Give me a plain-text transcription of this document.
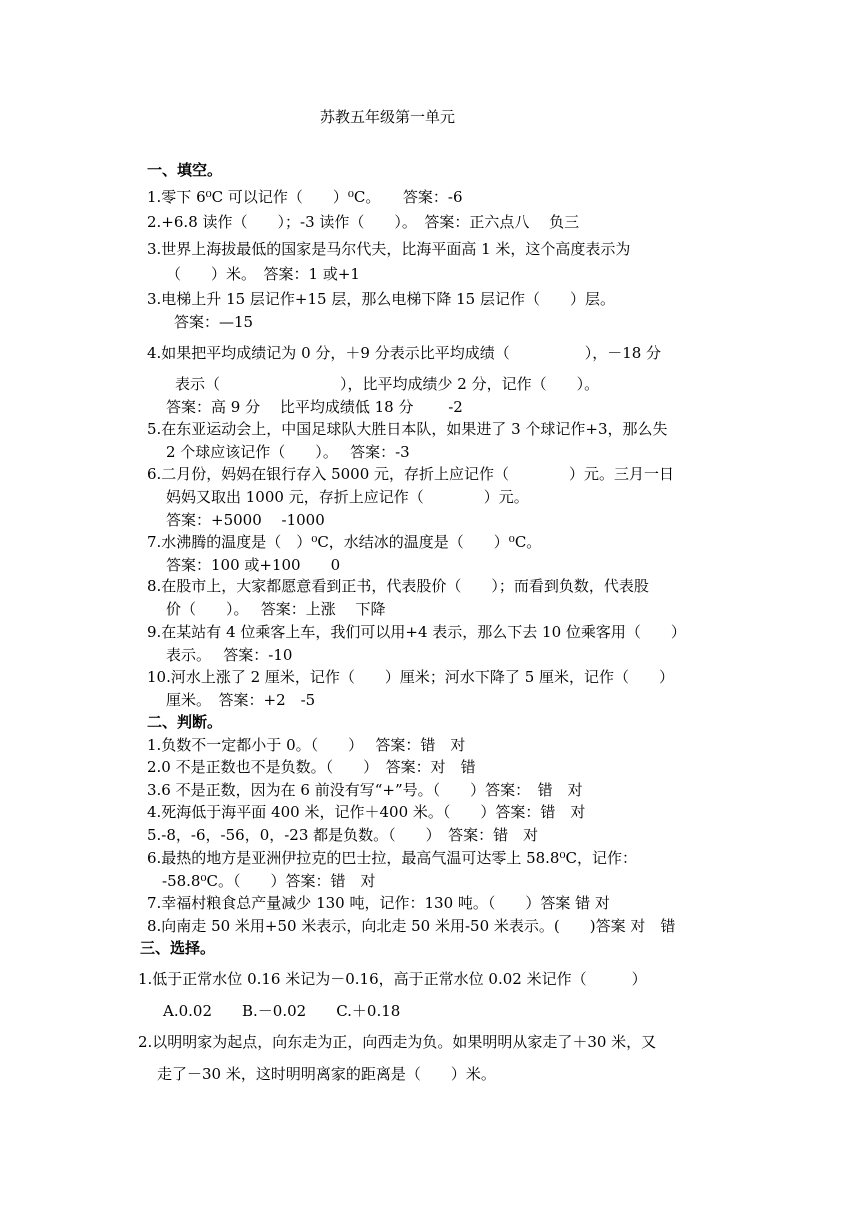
苏教五年级第一单元
一、填空。
1.零下 6⁰C 可以记作（　　）⁰C。　　答案：-6
2.+6.8 读作（　　）；-3 读作（　　）。　答案：正六点八　 负三
3.世界上海拔最低的国家是马尔代夫，比海平面高 1 米，这个高度表示为
（　　）米。　答案：1 或+1
3.电梯上升 15 层记作+15 层，那么电梯下降 15 层记作（　　）层。
答案：—15
4.如果把平均成绩记为 0 分，＋9 分表示比平均成绩（　　　　　），－18 分
表示（　　　　　　　　），比平均成绩少 2 分，记作（　　）。
答案：高 9 分　 比平均成绩低 18 分　　 -2
5.在东亚运动会上，中国足球队大胜日本队，如果进了 3 个球记作+3，那么失
2 个球应该记作（　　）。　 答案：-3
6.二月份，妈妈在银行存入 5000 元，存折上应记作（　　　　）元。三月一日
妈妈又取出 1000 元，存折上应记作（　　　　）元。
答案：+5000　 -1000
7.水沸腾的温度是（　）⁰C，水结冰的温度是（　　）⁰C。
答案：100 或+100　　0
8.在股市上，大家都愿意看到正书，代表股价（　　）；而看到负数，代表股
价（　　）。　 答案：上涨　 下降
9.在某站有 4 位乘客上车，我们可以用+4 表示，那么下去 10 位乘客用（　　）
表示。　 答案：-10
10.河水上涨了 2 厘米，记作（　　）厘米；河水下降了 5 厘米，记作（　　）
厘米。　答案：+2　-5
二、判断。
1.负数不一定都小于 0。（　　）　 答案：错　对
2.0 不是正数也不是负数。（　　）　答案：对　错
3.6 不是正数，因为在 6 前没有写“+”号。（　　）答案：　错　对
4.死海低于海平面 400 米，记作＋400 米。（　　）答案：错　对
5.-8，-6，-56，0，-23 都是负数。（　　）　答案：错　对
6.最热的地方是亚洲伊拉克的巴士拉，最高气温可达零上 58.8⁰C，记作：
-58.8⁰C。（　　）答案：错　对
7.幸福村粮食总产量减少 130 吨，记作：130 吨。（　　）答案 错 对
8.向南走 50 米用+50 米表示，向北走 50 米用-50 米表示。(　　)答案 对　错
三、选择。
1.低于正常水位 0.16 米记为－0.16，高于正常水位 0.02 米记作（　　　）
A.0.02　　B.－0.02　　C.＋0.18
2.以明明家为起点，向东走为正，向西走为负。如果明明从家走了＋30 米，又
走了－30 米，这时明明离家的距离是（　　）米。
